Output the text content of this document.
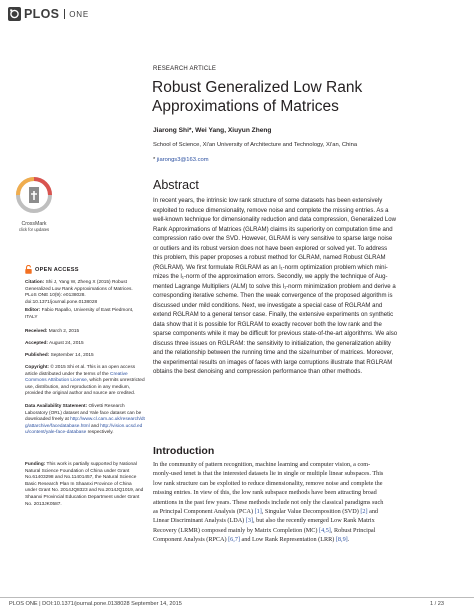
PLOS ONE
RESEARCH ARTICLE
Robust Generalized Low Rank
Approximations of Matrices
Jiarong Shi*, Wei Yang, Xiuyun Zheng
School of Science, Xi'an University of Architecture and Technology, Xi'an, China
* jiarongs3@163.com
Abstract
In recent years, the intrinsic low rank structure of some datasets has been extensively
exploited to reduce dimensionality, remove noise and complete the missing entries. As a
well-known technique for dimensionality reduction and data compression, Generalized Low
Rank Approximations of Matrices (GLRAM) claims its superiority on computation time and
compression ratio over the SVD. However, GLRAM is very sensitive to sparse large noise
or outliers and its robust version does not have been explored or solved yet. To address
this problem, this paper proposes a robust method for GLRAM, named Robust GLRAM
(RGLRAM). We first formulate RGLRAM as an l₁-norm optimization problem which mini-
mizes the l₁-norm of the approximation errors. Secondly, we apply the technique of Aug-
mented Lagrange Multipliers (ALM) to solve this l₁-norm minimization problem and derive a
corresponding iterative scheme. Then the weak convergence of the proposed algorithm is
discussed under mild conditions. Next, we investigate a special case of RGLRAM and
extend RGLRAM to a general tensor case. Finally, the extensive experiments on synthetic
data show that it is possible for RGLRAM to exactly recover both the low rank and the
sparse components while it may be difficult for previous state-of-the-art algorithms. We also
discuss three issues on RGLRAM: the sensitivity to initialization, the generalization ability
and the relationship between the running time and the size/number of matrices. Moreover,
the experimental results on images of faces with large corruptions illustrate that RGLRAM
obtains the best denoising and compression performance than other methods.
Introduction
In the community of pattern recognition, machine learning and computer vision, a com-
monly-used tenet is that the interested datasets lie in single or multiple linear subspaces. This
low rank structure can be exploited to reduce dimensionality, remove noise and complete the
missing entries. In view of this, the low rank subspace methods have been attracting broad
attentions in the past few years. These methods include not only the classical paradigms such
as Principal Component Analysis (PCA) [1], Singular Value Decomposition (SVD) [2] and
Linear Discriminant Analysis (LDA) [3], but also the recently emerged Low Rank Matrix
Recovery (LRMR) composed mainly by Matrix Completion (MC) [4,5], Robust Principal
Component Analysis (RPCA) [6,7] and Low Rank Representation (LRR) [8,9].
CrossMark
click for updates
OPEN ACCESS
Citation: Shi J, Yang W, Zheng X (2015) Robust Generalized Low Rank Approximations of Matrices. PLoS ONE 10(9): e0138028. doi:10.1371/journal.pone.0138028
Editor: Fabio Rapallo, University of East Piedmont, ITALY
Received: March 2, 2015
Accepted: August 24, 2015
Published: September 14, 2015
Copyright: © 2015 Shi et al. This is an open access article distributed under the terms of the Creative Commons Attribution License, which permits unrestricted use, distribution, and reproduction in any medium, provided the original author and source are credited.
Data Availability Statement: Olivetti Research Laboratory (ORL) dataset and Yale face dataset can be downloaded freely at http://www.cl.cam.ac.uk/research/dtg/attarchive/facedatabase.html and http://vision.ucsd.edu/content/yale-face-database respectively.
Funding: This work is partially supported by National Natural Science Foundation of China under Grant No.61403298 and No.11401457, the Natural Science Basic Research Plan In Shaanxi Province of China under Grant No. 2014JQ8323 and No.2014JQ1019, and Shaanxi Provincial Education Department under Grant No. 2013JK0587.
PLOS ONE | DOI:10.1371/journal.pone.0138028 September 14, 2015	1 / 23
